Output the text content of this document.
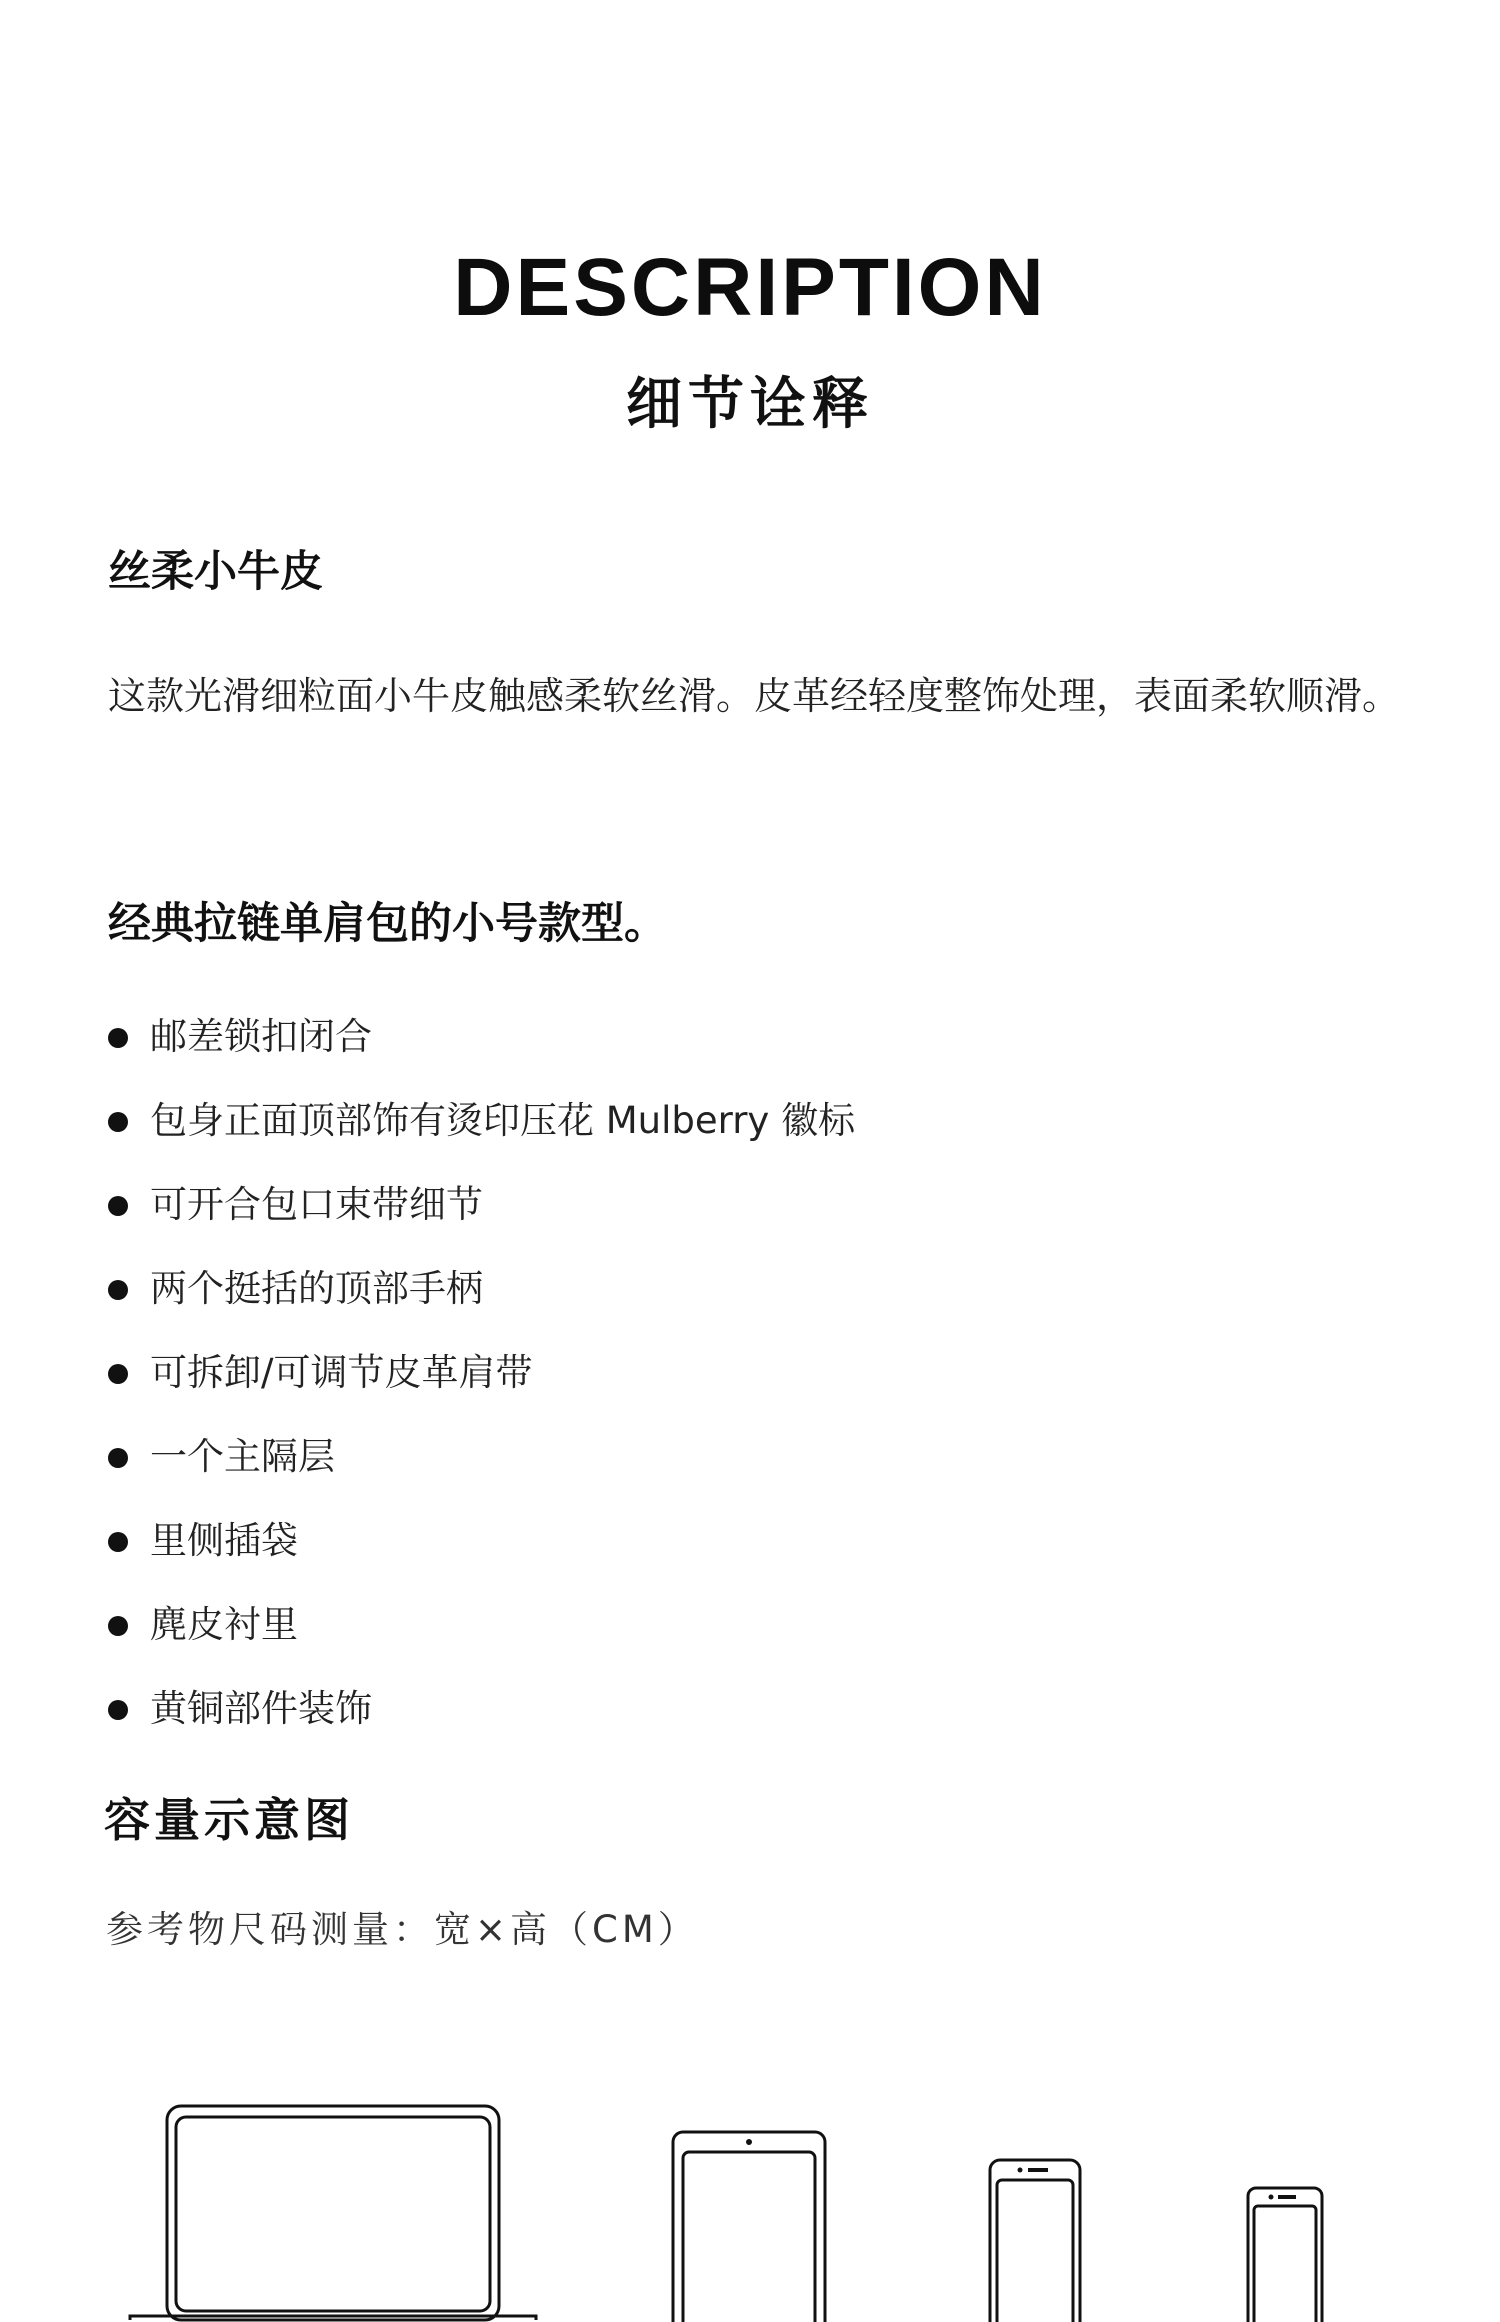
DESCRIPTION
细节诠释
丝柔小牛皮
这款光滑细粒面小牛皮触感柔软丝滑。皮革经轻度整饰处理，表面柔软顺滑。
经典拉链单肩包的小号款型。
邮差锁扣闭合
包身正面顶部饰有烫印压花 Mulberry 徽标
可开合包口束带细节
两个挺括的顶部手柄
可拆卸/可调节皮革肩带
一个主隔层
里侧插袋
麂皮衬里
黄铜部件装饰
容量示意图
参考物尺码测量：宽×高（CM）
